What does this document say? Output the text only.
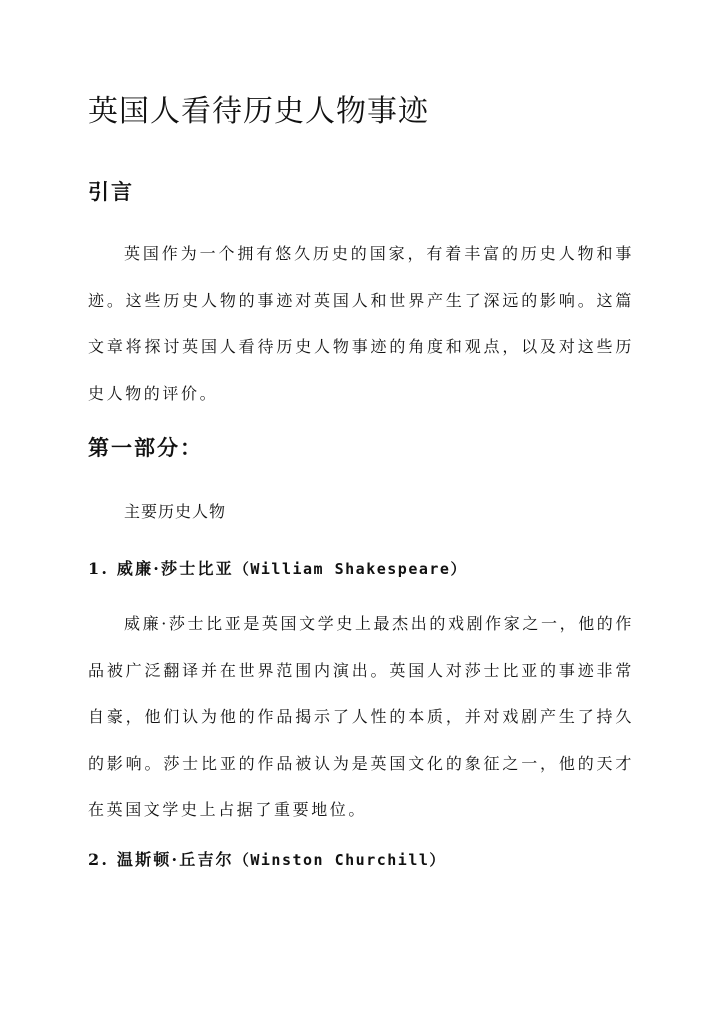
英国人看待历史人物事迹
引言

英国作为一个拥有悠久历史的国家，有着丰富的历史人物和事迹。这些历史人物的事迹对英国人和世界产生了深远的影响。这篇文章将探讨英国人看待历史人物事迹的角度和观点，以及对这些历史人物的评价。

第一部分：

主要历史人物

1. 威廉·莎士比亚（William Shakespeare）

威廉·莎士比亚是英国文学史上最杰出的戏剧作家之一，他的作品被广泛翻译并在世界范围内演出。英国人对莎士比亚的事迹非常自豪，他们认为他的作品揭示了人性的本质，并对戏剧产生了持久的影响。莎士比亚的作品被认为是英国文化的象征之一，他的天才在英国文学史上占据了重要地位。

2. 温斯顿·丘吉尔（Winston Churchill）
